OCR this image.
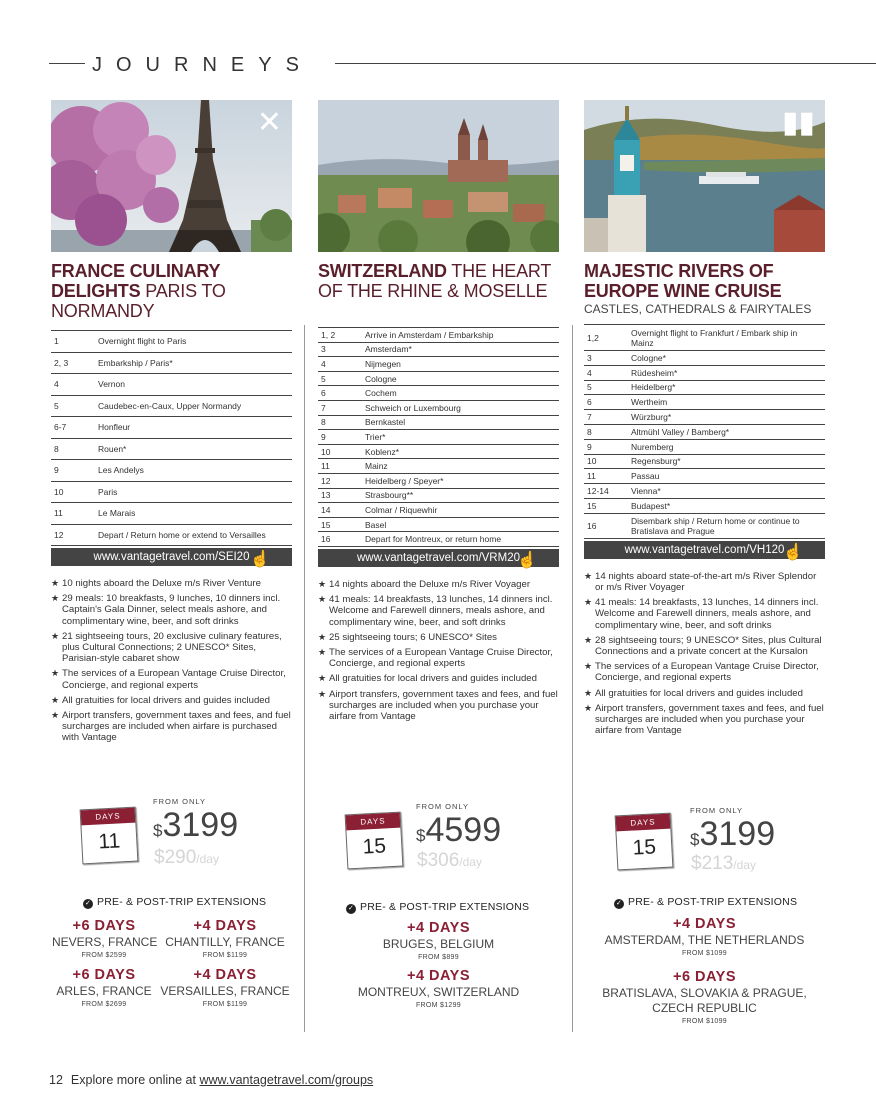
JOURNEYS
✕
FRANCE CULINARY DELIGHTS PARIS TO NORMANDY
1	Overnight flight to Paris
2, 3	Embarkship / Paris*
4	Vernon
5	Caudebec-en-Caux, Upper Normandy
6-7	Honfleur
8	Rouen*
9	Les Andelys
10	Paris
11	Le Marais
12	Depart / Return home or extend to Versailles
www.vantagetravel.com/SEI20 ☝
★ 10 nights aboard the Deluxe m/s River Venture
★ 29 meals: 10 breakfasts, 9 lunches, 10 dinners incl. Captain's Gala Dinner, select meals ashore, and complimentary wine, beer, and soft drinks
★ 21 sightseeing tours, 20 exclusive culinary features, plus Cultural Connections; 2 UNESCO* Sites, Parisian-style cabaret show
★ The services of a European Vantage Cruise Director, Concierge, and regional experts
★ All gratuities for local drivers and guides included
★ Airport transfers, government taxes and fees, and fuel surcharges are included when airfare is purchased with Vantage
DAYS
11
FROM ONLY
$3199
$290/day
✓ PRE- & POST-TRIP EXTENSIONS
+6 DAYS
NEVERS, FRANCE
FROM $2599
+4 DAYS
CHANTILLY, FRANCE
FROM $1199
+6 DAYS
ARLES, FRANCE
FROM $2699
+4 DAYS
VERSAILLES, FRANCE
FROM $1199
SWITZERLAND THE HEART OF THE RHINE & MOSELLE
1, 2	Arrive in Amsterdam / Embarkship
3	Amsterdam*
4	Nijmegen
5	Cologne
6	Cochem
7	Schweich or Luxembourg
8	Bernkastel
9	Trier*
10	Koblenz*
11	Mainz
12	Heidelberg / Speyer*
13	Strasbourg**
14	Colmar / Riquewhir
15	Basel
16	Depart for Montreux, or return home
www.vantagetravel.com/VRM20
☝
★ 14 nights aboard the Deluxe m/s River Voyager
★ 41 meals: 14 breakfasts, 13 lunches, 14 dinners incl. Welcome and Farewell dinners, meals ashore, and complimentary wine, beer, and soft drinks
★ 25 sightseeing tours; 6 UNESCO* Sites
★ The services of a European Vantage Cruise Director, Concierge, and regional experts
★ All gratuities for local drivers and guides included
★ Airport transfers, government taxes and fees, and fuel surcharges are included when you purchase your airfare from Vantage
DAYS
15
FROM ONLY
$4599
$306/day
✓ PRE- & POST-TRIP EXTENSIONS
+4 DAYS
BRUGES, BELGIUM
FROM $899
+4 DAYS
MONTREUX, SWITZERLAND
FROM $1299
▮▮
MAJESTIC RIVERS OF EUROPE WINE CRUISE
CASTLES, CATHEDRALS & FAIRYTALES
1,2	Overnight flight to Frankfurt / Embark ship in Mainz
3	Cologne*
4	Rüdesheim*
5	Heidelberg*
6	Wertheim
7	Würzburg*
8	Altmühl Valley / Bamberg*
9	Nuremberg
10	Regensburg*
11	Passau
12-14	Vienna*
15	Budapest*
16	Disembark ship / Return home or continue to Bratislava and Prague
www.vantagetravel.com/VH120
☝
★ 14 nights aboard state-of-the-art m/s River Splendor or m/s River Voyager
★ 41 meals: 14 breakfasts, 13 lunches, 14 dinners incl. Welcome and Farewell dinners, meals ashore, and complimentary wine, beer, and soft drinks
★ 28 sightseeing tours; 9 UNESCO* Sites, plus Cultural Connections and a private concert at the Kursalon
★ The services of a European Vantage Cruise Director, Concierge, and regional experts
★ All gratuities for local drivers and guides included
★ Airport transfers, government taxes and fees, and fuel surcharges are included when you purchase your airfare from Vantage
DAYS
15
FROM ONLY
$3199
$213/day
✓ PRE- & POST-TRIP EXTENSIONS
+4 DAYS
AMSTERDAM, THE NETHERLANDS
FROM $1099
+6 DAYS
BRATISLAVA, SLOVAKIA & PRAGUE, CZECH REPUBLIC
FROM $1099
12 Explore more online at www.vantagetravel.com/groups
